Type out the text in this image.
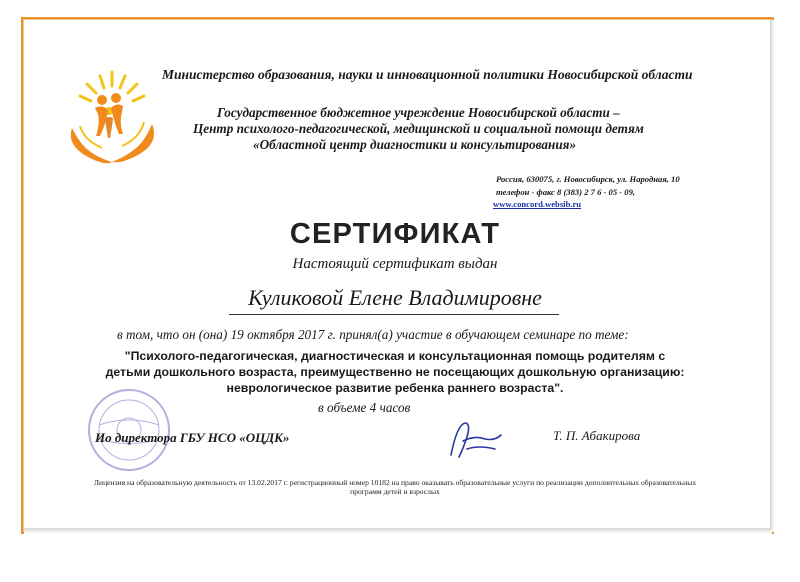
Министерство образования, науки и инновационной политики Новосибирской области
Государственное бюджетное учреждение Новосибирской области –
Центр психолого-педагогической, медицинской и социальной помощи детям
«Областной центр диагностики и консультирования»
Россия, 630075, г. Новосибирск, ул. Народная, 10
телефон - факс 8 (383) 2 7 6 - 05 - 09,
www.concord.websib.ru
СЕРТИФИКАТ
Настоящий сертификат выдан
Куликовой Елене Владимировне
в том, что он (она) 19 октября 2017 г. принял(а) участие в обучающем семинаре по теме:
"Психолого-педагогическая, диагностическая и консультационная помощь родителям с
детьми дошкольного возраста, преимущественно не посещающих дошкольную организацию:
неврологическое развитие ребенка раннего возраста".
в объеме 4 часов
Ио директора ГБУ НСО «ОЦДК»	Т. П. Абакирова
Лицензия на образовательную деятельность от 13.02.2017 г. регистрационный номер 10182 на право оказывать образовательные услуги по реализации дополнительных образовательных
программ детей и взрослых
